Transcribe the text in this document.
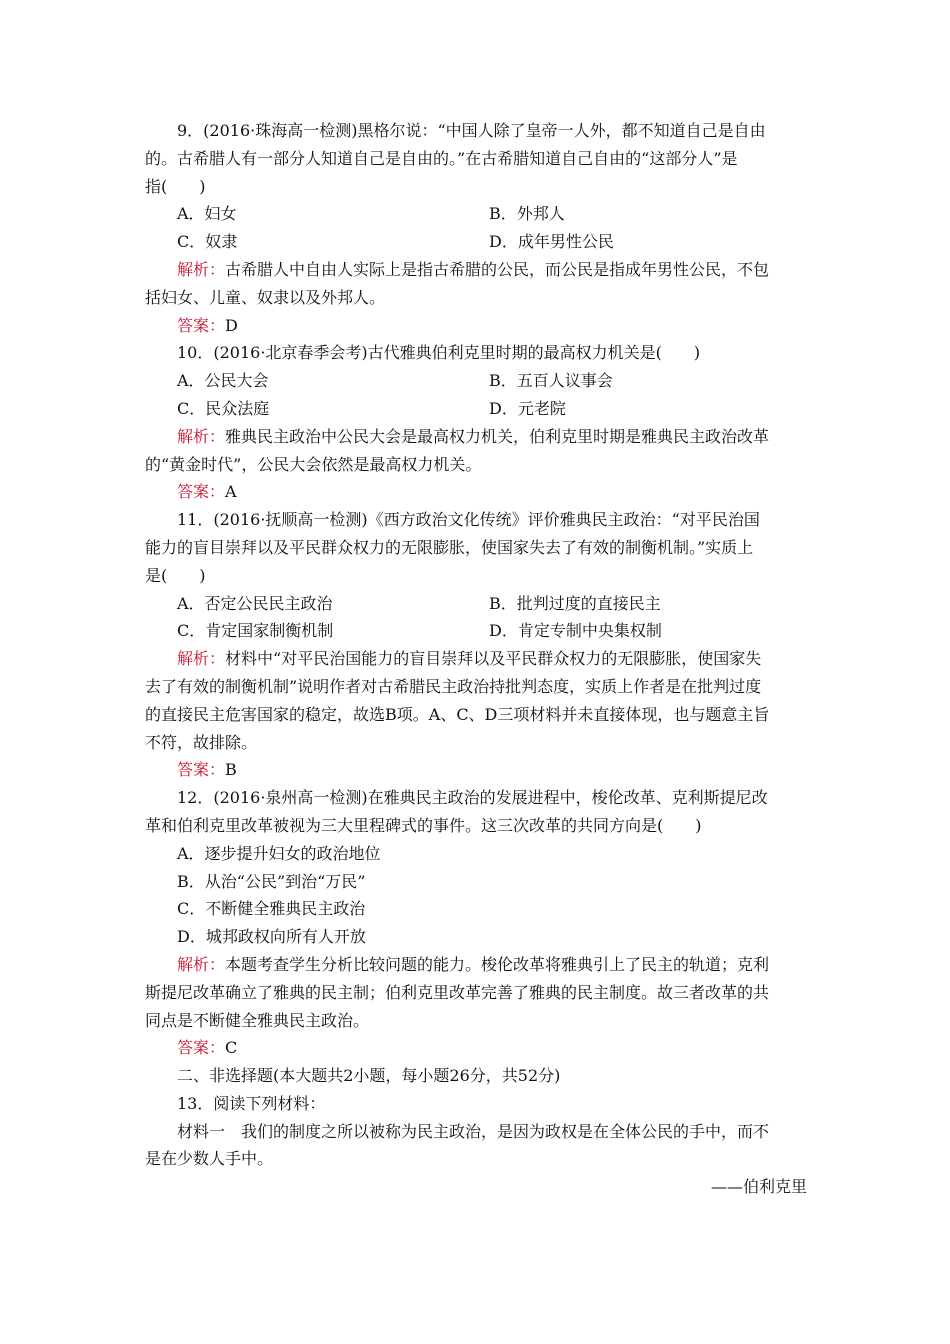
9．(2016·珠海高一检测)黑格尔说：“中国人除了皇帝一人外，都不知道自己是自由
的。古希腊人有一部分人知道自己是自由的。”在古希腊知道自己自由的“这部分人”是
指(　　)
A．妇女	B．外邦人
C．奴隶	D．成年男性公民
解析：古希腊人中自由人实际上是指古希腊的公民，而公民是指成年男性公民，不包
括妇女、儿童、奴隶以及外邦人。
答案：D
10．(2016·北京春季会考)古代雅典伯利克里时期的最高权力机关是(　　)
A．公民大会	B．五百人议事会
C．民众法庭	D．元老院
解析：雅典民主政治中公民大会是最高权力机关，伯利克里时期是雅典民主政治改革
的“黄金时代”，公民大会依然是最高权力机关。
答案：A
11．(2016·抚顺高一检测)《西方政治文化传统》评价雅典民主政治：“对平民治国
能力的盲目崇拜以及平民群众权力的无限膨胀，使国家失去了有效的制衡机制。”实质上
是(　　)
A．否定公民民主政治	B．批判过度的直接民主
C．肯定国家制衡机制	D．肯定专制中央集权制
解析：材料中“对平民治国能力的盲目崇拜以及平民群众权力的无限膨胀，使国家失
去了有效的制衡机制”说明作者对古希腊民主政治持批判态度，实质上作者是在批判过度
的直接民主危害国家的稳定，故选B项。A、C、D三项材料并未直接体现，也与题意主旨
不符，故排除。
答案：B
12．(2016·泉州高一检测)在雅典民主政治的发展进程中，梭伦改革、克利斯提尼改
革和伯利克里改革被视为三大里程碑式的事件。这三次改革的共同方向是(　　)
A．逐步提升妇女的政治地位
B．从治“公民”到治“万民”
C．不断健全雅典民主政治
D．城邦政权向所有人开放
解析：本题考查学生分析比较问题的能力。梭伦改革将雅典引上了民主的轨道；克利
斯提尼改革确立了雅典的民主制；伯利克里改革完善了雅典的民主制度。故三者改革的共
同点是不断健全雅典民主政治。
答案：C
二、非选择题(本大题共2小题，每小题26分，共52分)
13．阅读下列材料：
材料一　我们的制度之所以被称为民主政治，是因为政权是在全体公民的手中，而不
是在少数人手中。
——伯利克里
